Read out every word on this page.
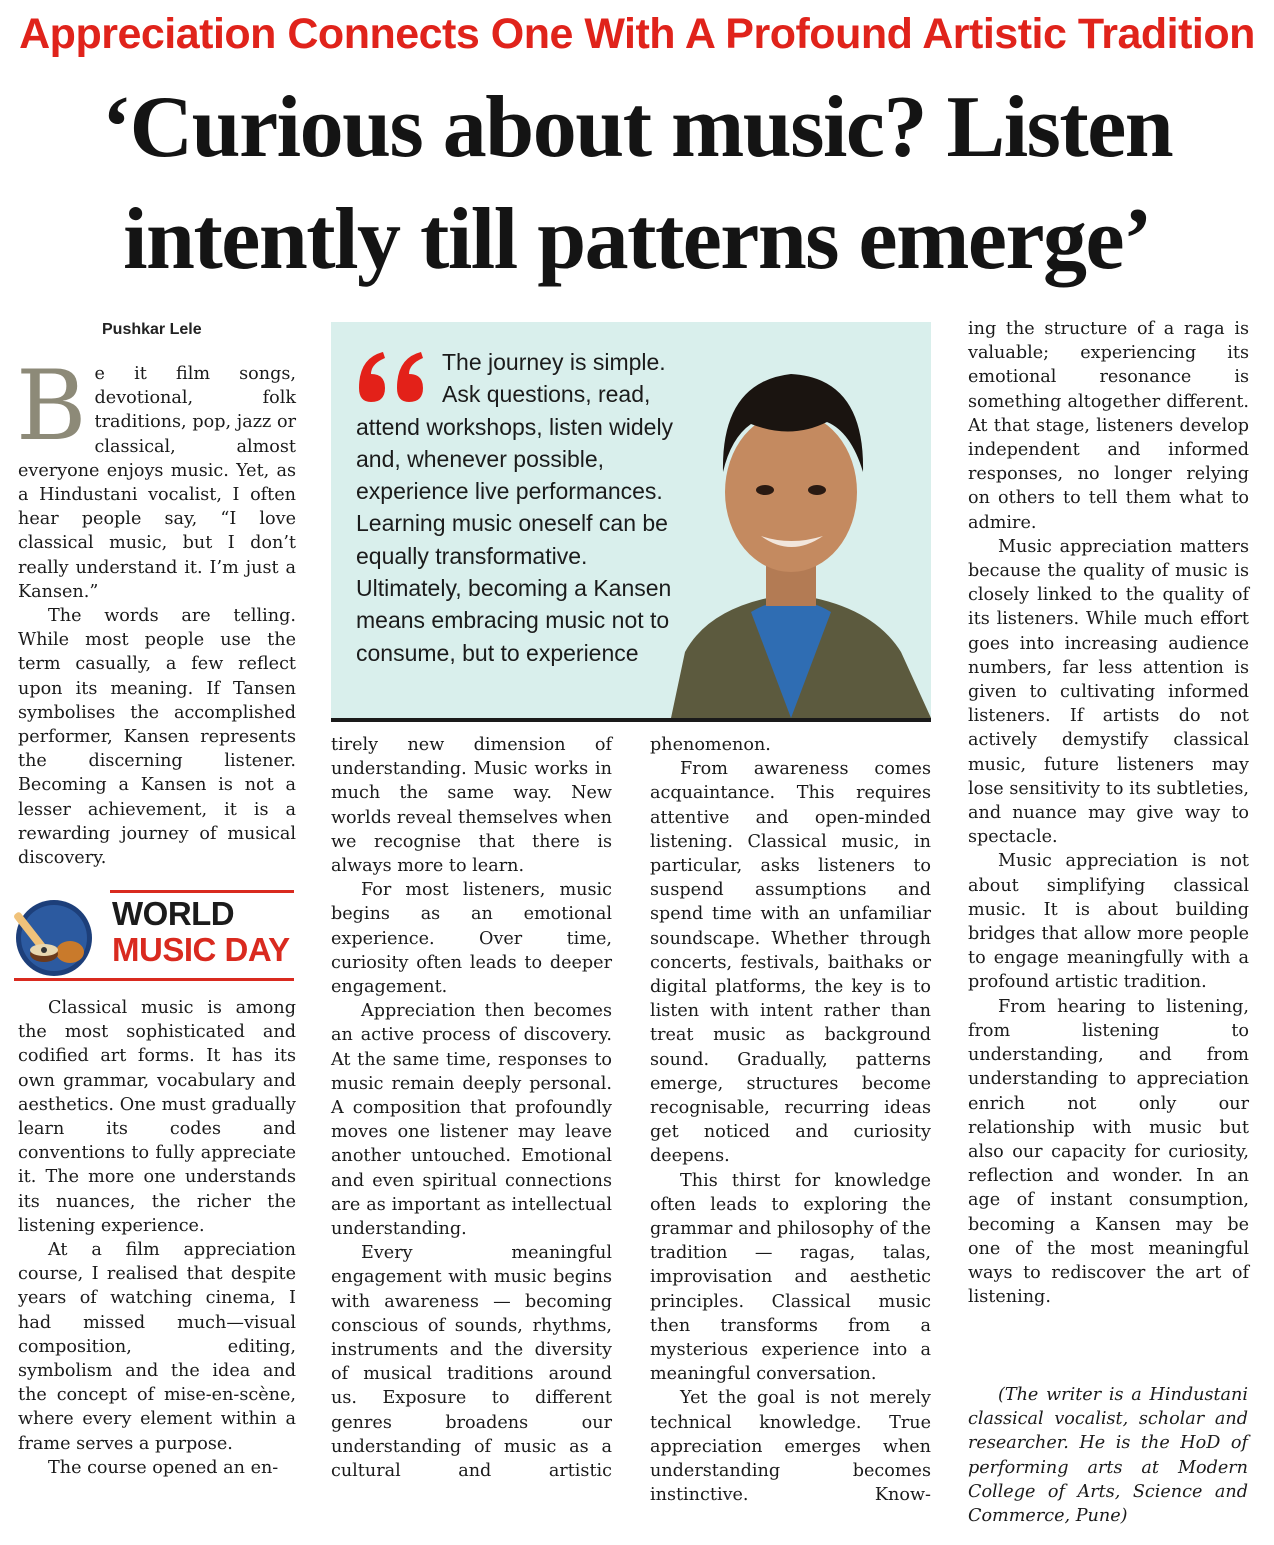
Appreciation Connects One With A Profound Artistic Tradition
‘Curious about music? Listen intently till patterns emerge’
Pushkar Lele

Be it film songs, devotional, folk traditions, pop, jazz or classical, almost everyone enjoys music. Yet, as a Hindustani vocalist, I often hear people say, “I love classical music, but I don’t really understand it. I’m just a Kansen.”

The words are telling. While most people use the term casually, a few reflect upon its meaning. If Tansen symbolises the accomplished performer, Kansen represents the discerning listener. Becoming a Kansen is not a lesser achievement, it is a rewarding journey of musical discovery.

WORLD
MUSIC DAY

Classical music is among the most sophisticated and codified art forms. It has its own grammar, vocabulary and aesthetics. One must gradually learn its codes and conventions to fully appreciate it. The more one understands its nuances, the richer the listening experience.

At a film appreciation course, I realised that despite years of watching cinema, I had missed much—visual composition, editing, symbolism and the idea and the concept of mise-en-scène, where every element within a frame serves a purpose.

The course opened an en-

The journey is simple. Ask questions, read,
attend workshops, listen widely and, whenever possible, experience live performances. Learning music oneself can be equally transformative. Ultimately, becoming a Kansen means embracing music not to consume, but to experience

tirely new dimension of understanding. Music works in much the same way. New worlds reveal themselves when we recognise that there is always more to learn.

For most listeners, music begins as an emotional experience. Over time, curiosity often leads to deeper engagement.

Appreciation then becomes an active process of discovery. At the same time, responses to music remain deeply personal. A composition that profoundly moves one listener may leave another untouched. Emotional and even spiritual connections are as important as intellectual understanding.

Every meaningful engagement with music begins with awareness — becoming conscious of sounds, rhythms, instruments and the diversity of musical traditions around us. Exposure to different genres broadens our understanding of music as a cultural and artistic

phenomenon.

From awareness comes acquaintance. This requires attentive and open-minded listening. Classical music, in particular, asks listeners to suspend assumptions and spend time with an unfamiliar soundscape. Whether through concerts, festivals, baithaks or digital platforms, the key is to listen with intent rather than treat music as background sound. Gradually, patterns emerge, structures become recognisable, recurring ideas get noticed and curiosity deepens.

This thirst for knowledge often leads to exploring the grammar and philosophy of the tradition — ragas, talas, improvisation and aesthetic principles. Classical music then transforms from a mysterious experience into a meaningful conversation.

Yet the goal is not merely technical knowledge. True appreciation emerges when understanding becomes instinctive. Know-

ing the structure of a raga is valuable; experiencing its emotional resonance is something altogether different. At that stage, listeners develop independent and informed responses, no longer relying on others to tell them what to admire.

Music appreciation matters because the quality of music is closely linked to the quality of its listeners. While much effort goes into increasing audience numbers, far less attention is given to cultivating informed listeners. If artists do not actively demystify classical music, future listeners may lose sensitivity to its subtleties, and nuance may give way to spectacle.

Music appreciation is not about simplifying classical music. It is about building bridges that allow more people to engage meaningfully with a profound artistic tradition.

From hearing to listening, from listening to understanding, and from understanding to appreciation enrich not only our relationship with music but also our capacity for curiosity, reflection and wonder. In an age of instant consumption, becoming a Kansen may be one of the most meaningful ways to rediscover the art of listening.

(The writer is a Hindustani classical vocalist, scholar and researcher. He is the HoD of performing arts at Modern College of Arts, Science and Commerce, Pune)
